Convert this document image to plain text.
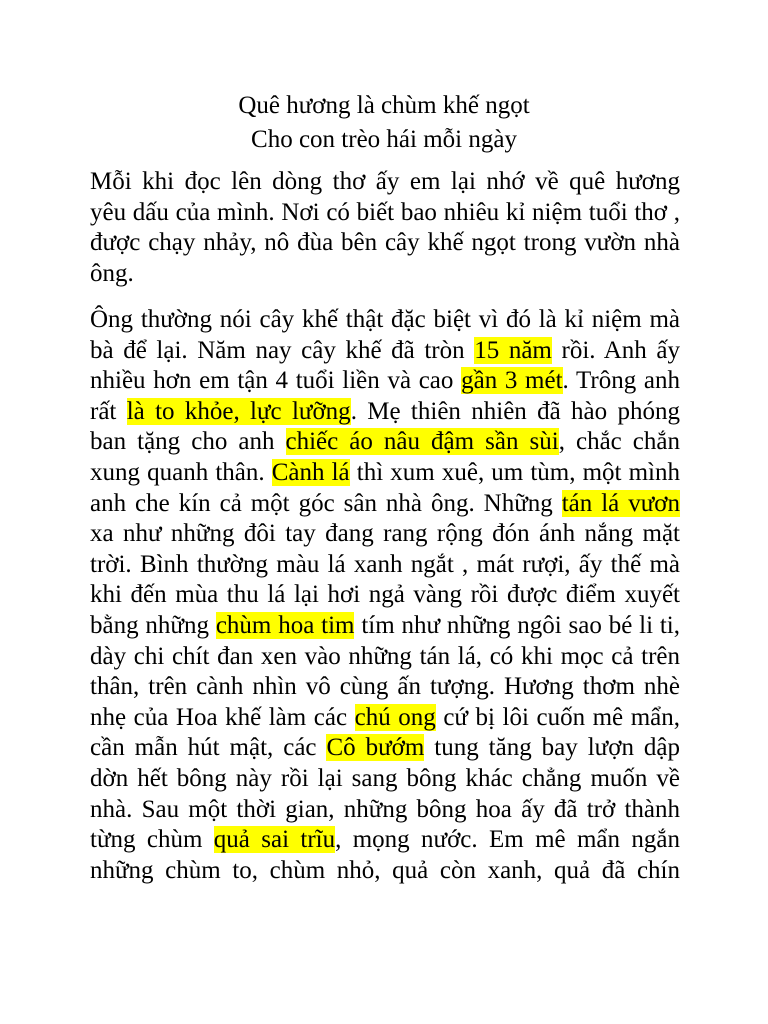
Quê hương là chùm khế ngọt
Cho con trèo hái mỗi ngày
Mỗi khi đọc lên dòng thơ ấy em lại nhớ về quê hương
yêu dấu của mình. Nơi có biết bao nhiêu kỉ niệm tuổi thơ ,
được chạy nhảy, nô đùa bên cây khế ngọt trong vườn nhà
ông.
Ông thường nói cây khế thật đặc biệt vì đó là kỉ niệm mà
bà để lại. Năm nay cây khế đã tròn 15 năm rồi. Anh ấy
nhiều hơn em tận 4 tuổi liền và cao gần 3 mét. Trông anh
rất là to khỏe, lực lưỡng. Mẹ thiên nhiên đã hào phóng
ban tặng cho anh chiếc áo nâu đậm sần sùi, chắc chắn
xung quanh thân. Cành lá thì xum xuê, um tùm, một mình
anh che kín cả một góc sân nhà ông. Những tán lá vươn
xa như những đôi tay đang rang rộng đón ánh nắng mặt
trời. Bình thường màu lá xanh ngắt , mát rượi, ấy thế mà
khi đến mùa thu lá lại hơi ngả vàng rồi được điểm xuyết
bằng những chùm hoa tim tím như những ngôi sao bé li ti,
dày chi chít đan xen vào những tán lá, có khi mọc cả trên
thân, trên cành nhìn vô cùng ấn tượng. Hương thơm nhè
nhẹ của Hoa khế làm các chú ong cứ bị lôi cuốn mê mẩn,
cần mẫn hút mật, các Cô bướm tung tăng bay lượn dập
dờn hết bông này rồi lại sang bông khác chẳng muốn về
nhà. Sau một thời gian, những bông hoa ấy đã trở thành
từng chùm quả sai trĩu, mọng nước. Em mê mẩn ngắn
những chùm to, chùm nhỏ, quả còn xanh, quả đã chín
